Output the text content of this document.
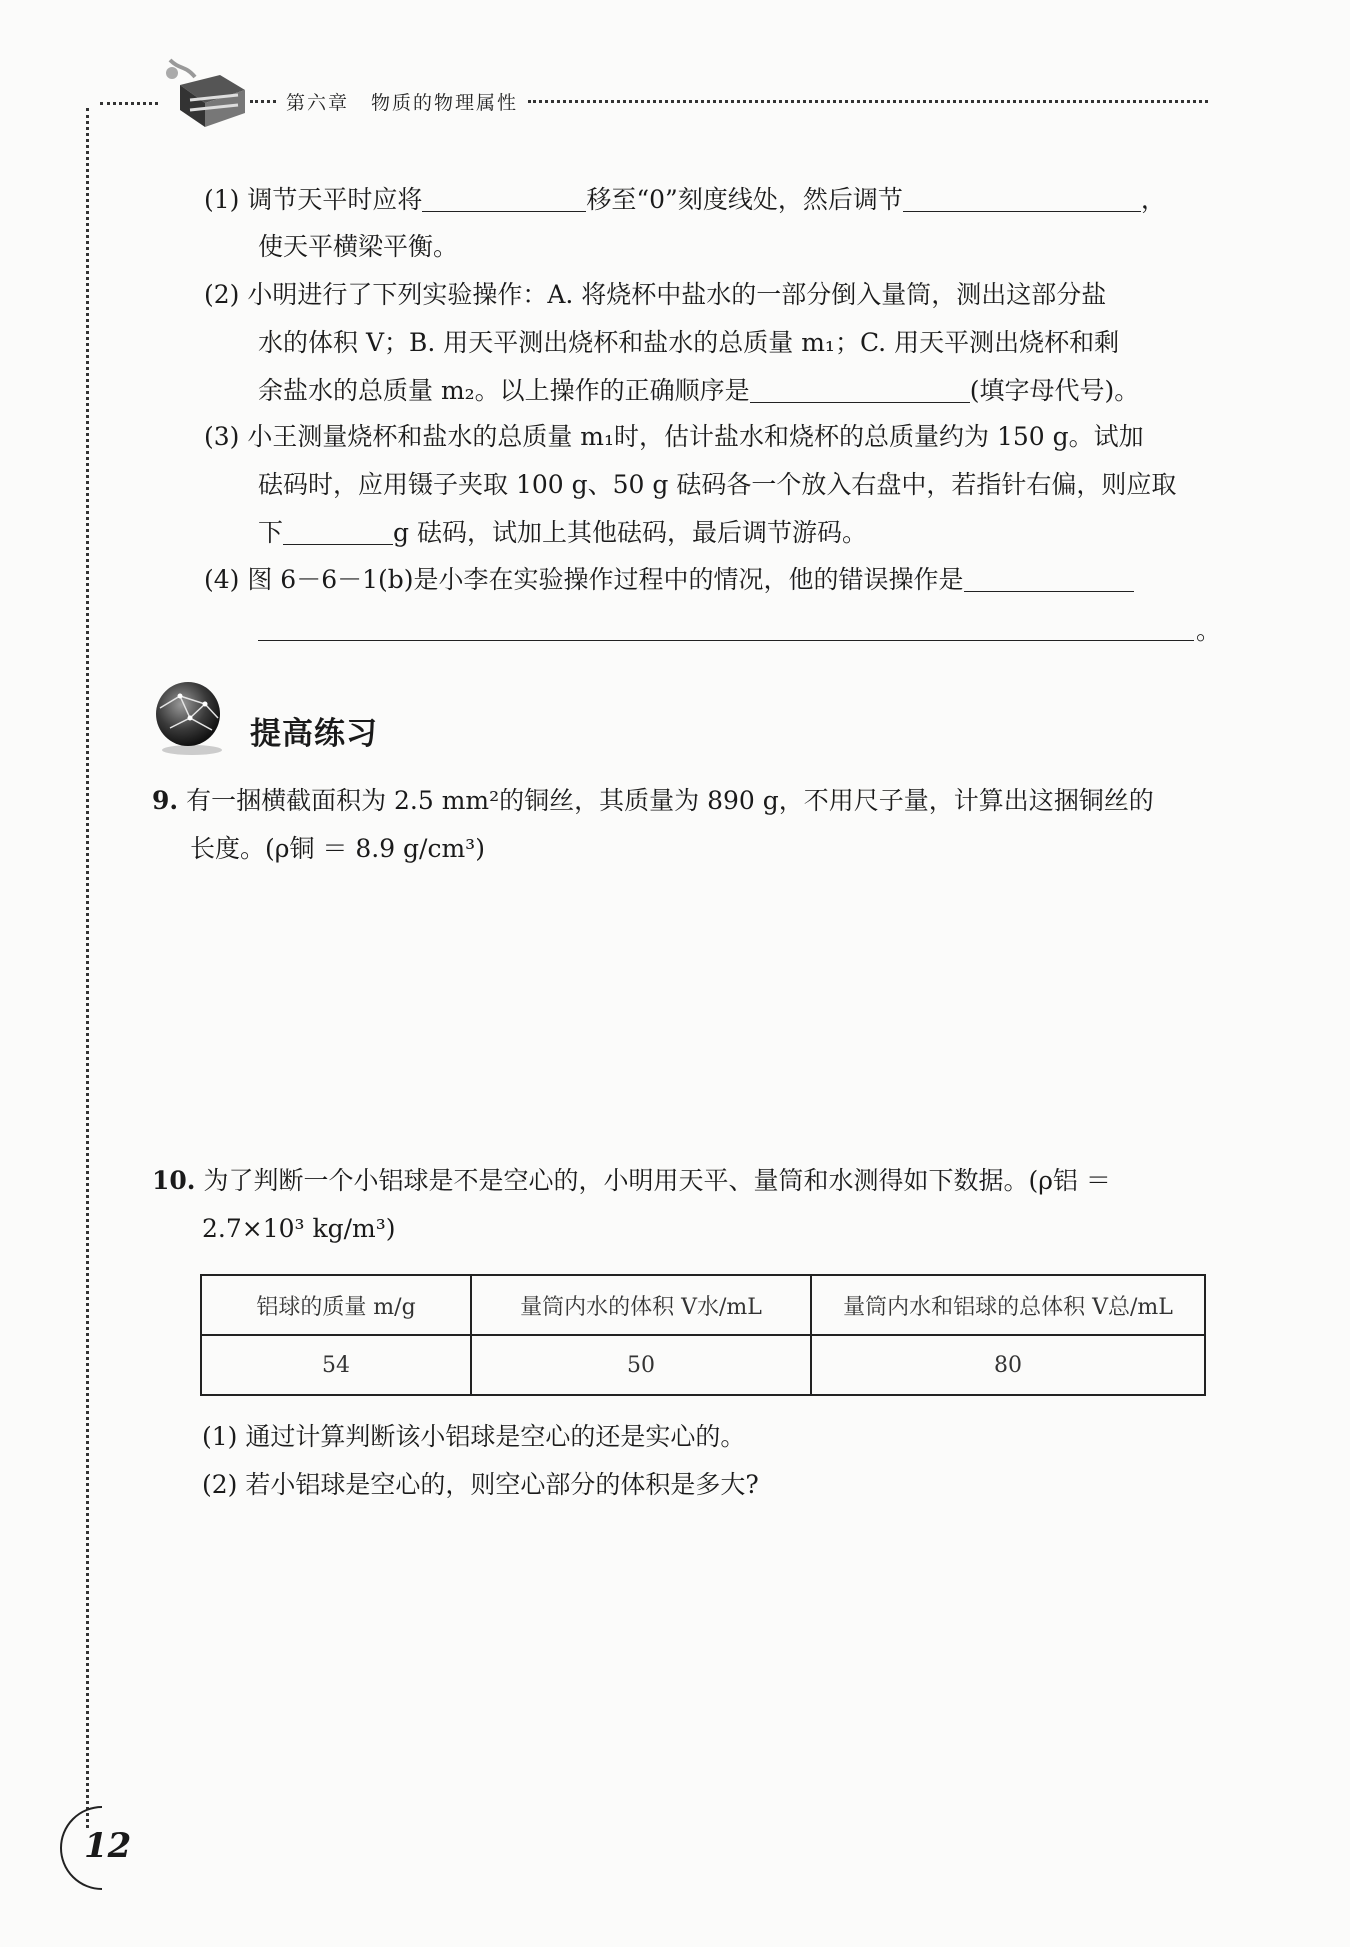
第六章 物质的物理属性
(1) 调节天平时应将	移至“0”刻度线处，然后调节	，
使天平横梁平衡。
(2) 小明进行了下列实验操作：A. 将烧杯中盐水的一部分倒入量筒，测出这部分盐
水的体积 V；B. 用天平测出烧杯和盐水的总质量 m₁；C. 用天平测出烧杯和剩
余盐水的总质量 m₂。以上操作的正确顺序是	(填字母代号)。
(3) 小王测量烧杯和盐水的总质量 m₁时，估计盐水和烧杯的总质量约为 150 g。试加
砝码时，应用镊子夹取 100 g、50 g 砝码各一个放入右盘中，若指针右偏，则应取
下	g 砝码，试加上其他砝码，最后调节游码。
(4) 图 6－6－1(b)是小李在实验操作过程中的情况，他的错误操作是
。
提高练习
9. 有一捆横截面积为 2.5 mm²的铜丝，其质量为 890 g，不用尺子量，计算出这捆铜丝的
长度。(ρ铜 ＝ 8.9 g/cm³)
10. 为了判断一个小铝球是不是空心的，小明用天平、量筒和水测得如下数据。(ρ铝 ＝
2.7×10³ kg/m³)
铝球的质量 m/g	量筒内水的体积 V水/mL	量筒内水和铝球的总体积 V总/mL
54	50	80
(1) 通过计算判断该小铝球是空心的还是实心的。
(2) 若小铝球是空心的，则空心部分的体积是多大?
12
